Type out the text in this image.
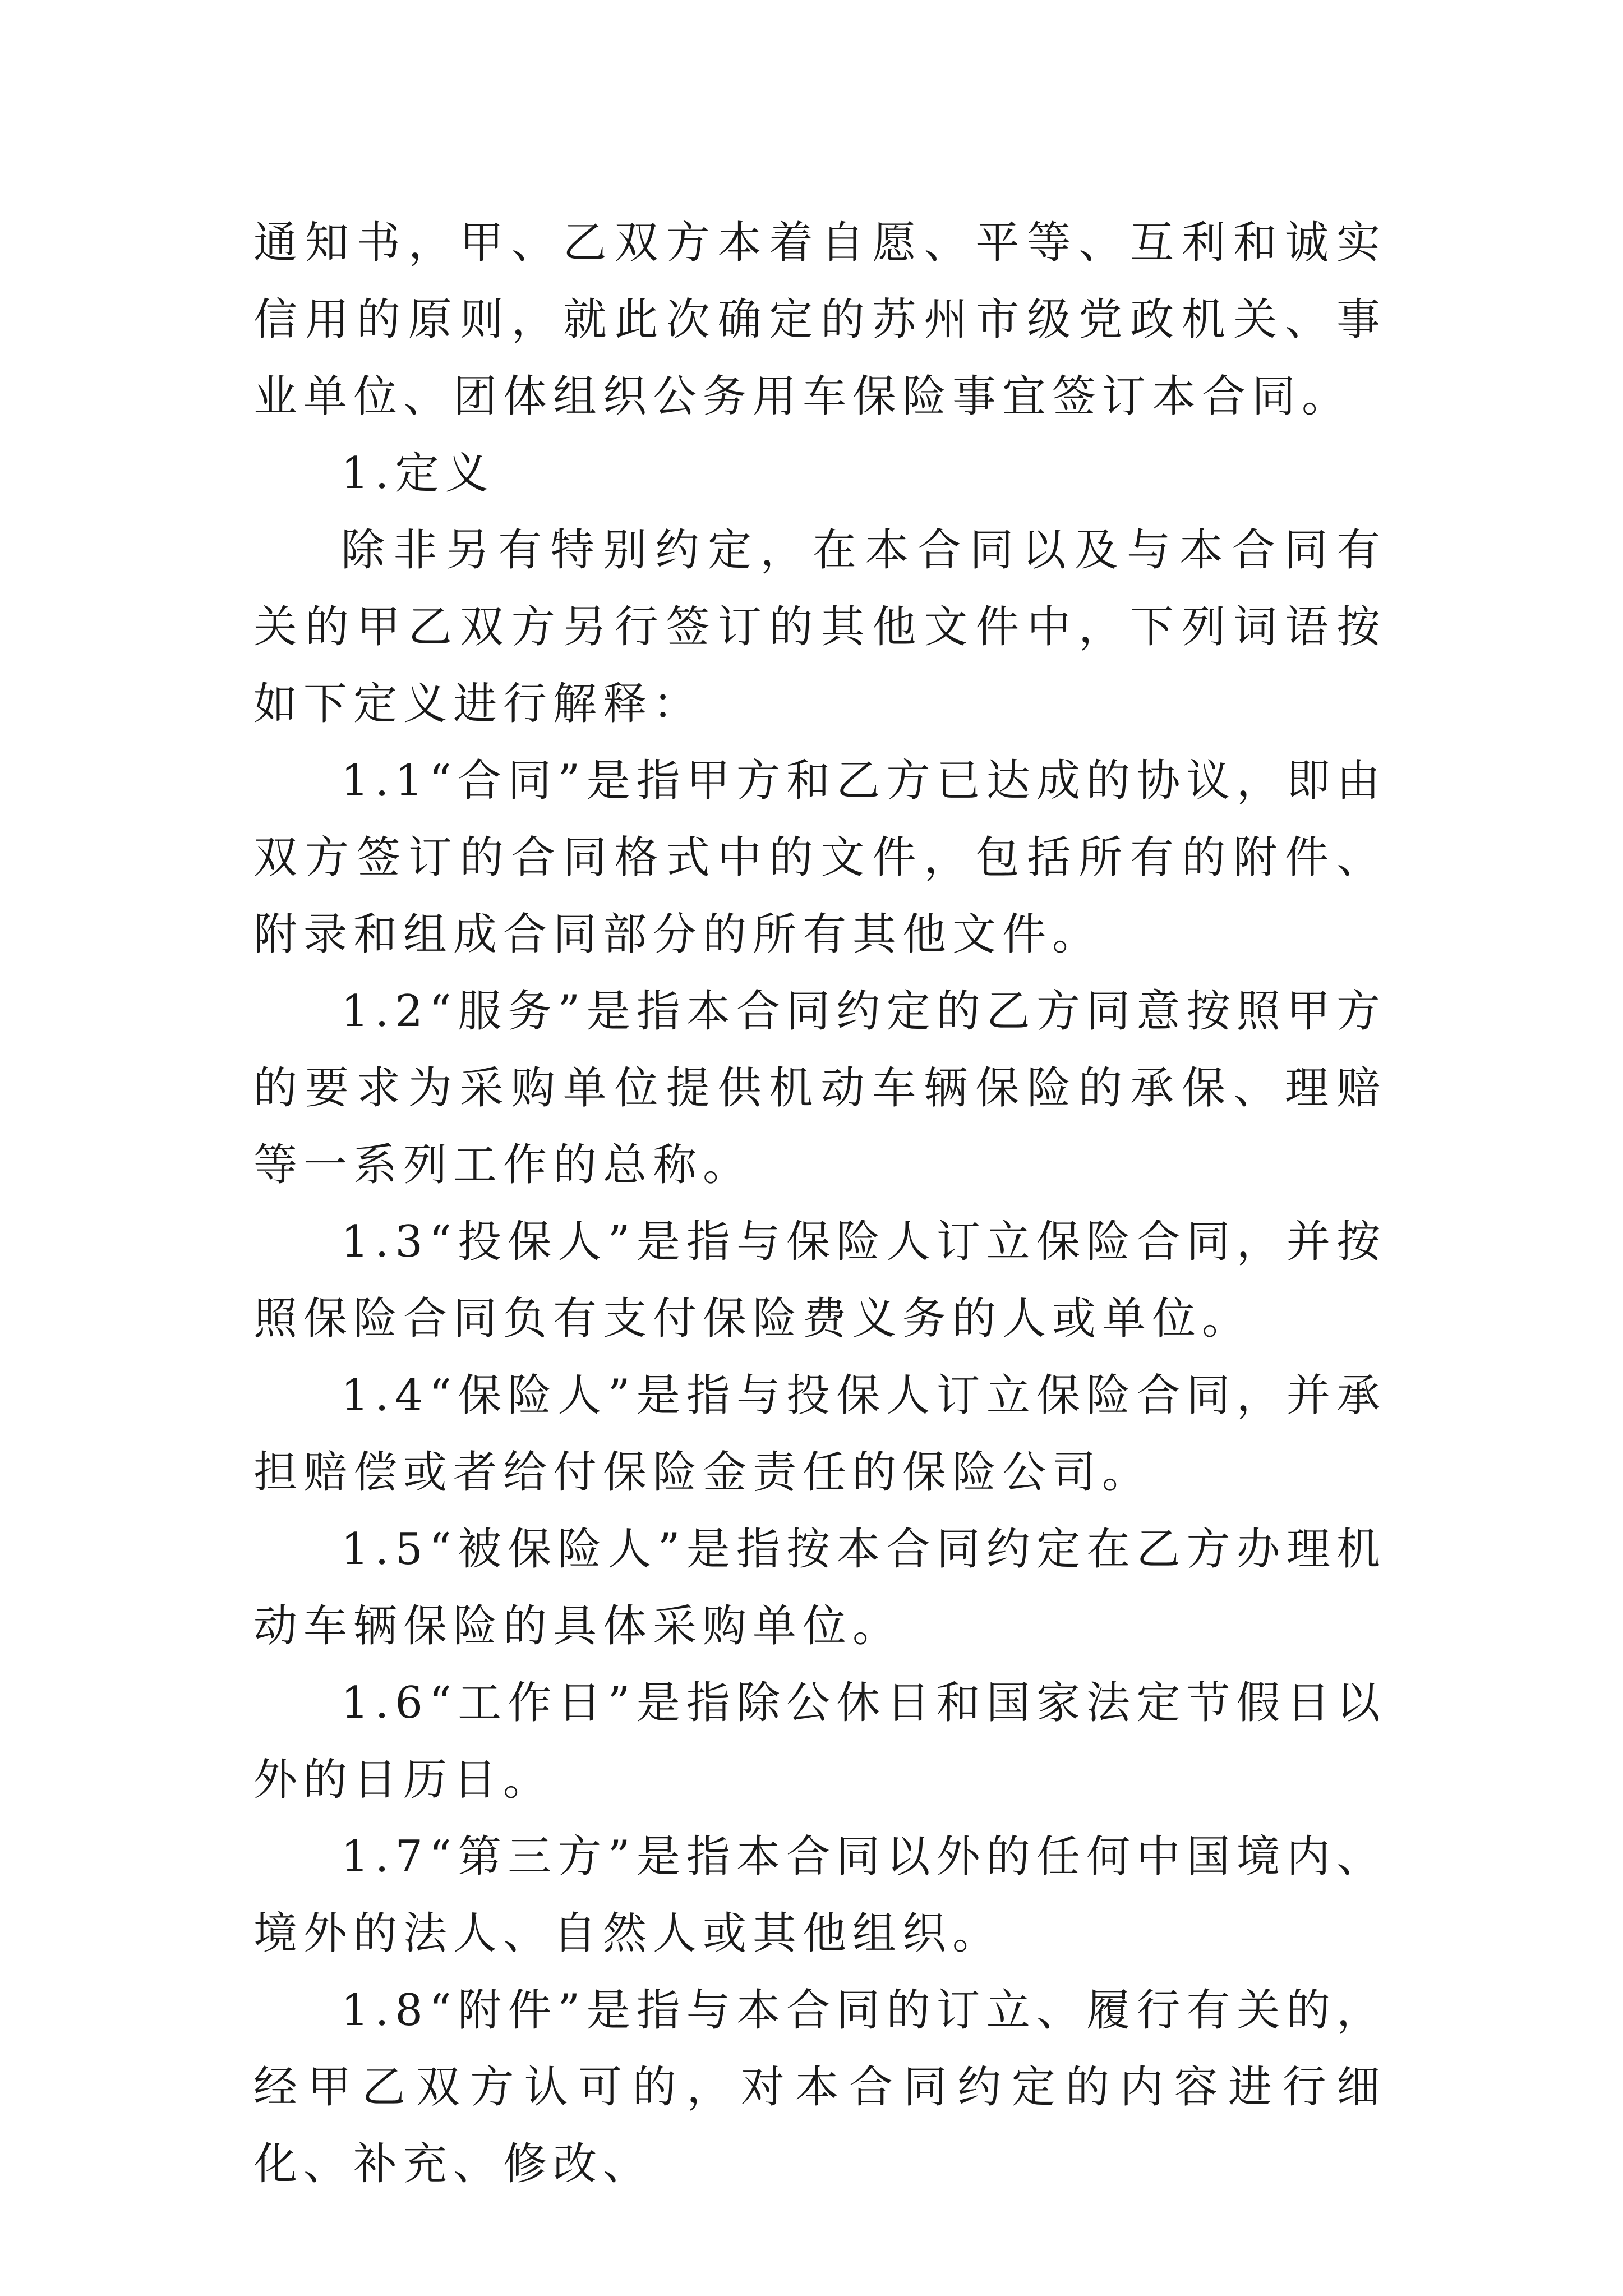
通知书，甲、乙双方本着自愿、平等、互利和诚实信用的原则，就此次确定的苏州市级党政机关、事业单位、团体组织公务用车保险事宜签订本合同。

1.定义

除非另有特别约定，在本合同以及与本合同有关的甲乙双方另行签订的其他文件中，下列词语按如下定义进行解释：

1.1“合同”是指甲方和乙方已达成的协议，即由双方签订的合同格式中的文件，包括所有的附件、附录和组成合同部分的所有其他文件。

1.2“服务”是指本合同约定的乙方同意按照甲方的要求为采购单位提供机动车辆保险的承保、理赔等一系列工作的总称。

1.3“投保人”是指与保险人订立保险合同，并按照保险合同负有支付保险费义务的人或单位。

1.4“保险人”是指与投保人订立保险合同，并承担赔偿或者给付保险金责任的保险公司。

1.5“被保险人”是指按本合同约定在乙方办理机动车辆保险的具体采购单位。

1.6“工作日”是指除公休日和国家法定节假日以外的日历日。

1.7“第三方”是指本合同以外的任何中国境内、境外的法人、自然人或其他组织。

1.8“附件”是指与本合同的订立、履行有关的，经甲乙双方认可的，对本合同约定的内容进行细化、补充、修改、
